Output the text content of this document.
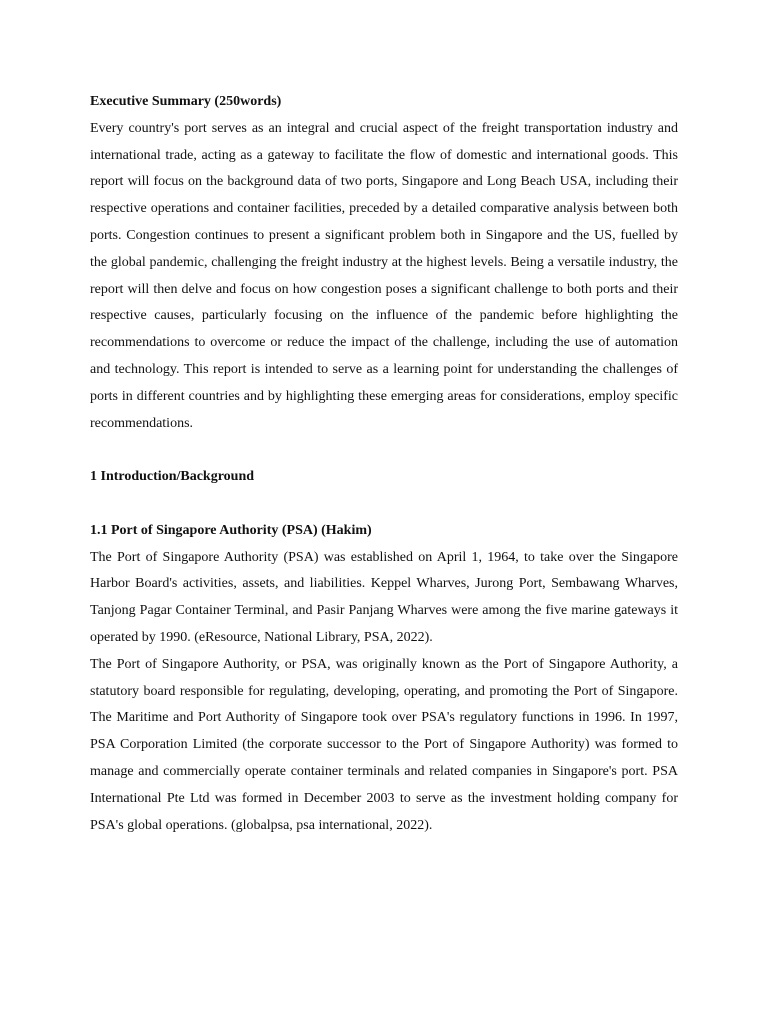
Executive Summary (250words)

Every country's port serves as an integral and crucial aspect of the freight transportation industry and international trade, acting as a gateway to facilitate the flow of domestic and international goods. This report will focus on the background data of two ports, Singapore and Long Beach USA, including their respective operations and container facilities, preceded by a detailed comparative analysis between both ports. Congestion continues to present a significant problem both in Singapore and the US, fuelled by the global pandemic, challenging the freight industry at the highest levels. Being a versatile industry, the report will then delve and focus on how congestion poses a significant challenge to both ports and their respective causes, particularly focusing on the influence of the pandemic before highlighting the recommendations to overcome or reduce the impact of the challenge, including the use of automation and technology. This report is intended to serve as a learning point for understanding the challenges of ports in different countries and by highlighting these emerging areas for considerations, employ specific recommendations.

1 Introduction/Background

1.1 Port of Singapore Authority (PSA) (Hakim)

The Port of Singapore Authority (PSA) was established on April 1, 1964, to take over the Singapore Harbor Board's activities, assets, and liabilities. Keppel Wharves, Jurong Port, Sembawang Wharves, Tanjong Pagar Container Terminal, and Pasir Panjang Wharves were among the five marine gateways it operated by 1990. (eResource, National Library, PSA, 2022).

The Port of Singapore Authority, or PSA, was originally known as the Port of Singapore Authority, a statutory board responsible for regulating, developing, operating, and promoting the Port of Singapore. The Maritime and Port Authority of Singapore took over PSA's regulatory functions in 1996. In 1997, PSA Corporation Limited (the corporate successor to the Port of Singapore Authority) was formed to manage and commercially operate container terminals and related companies in Singapore's port. PSA International Pte Ltd was formed in December 2003 to serve as the investment holding company for PSA's global operations. (globalpsa, psa international, 2022).
